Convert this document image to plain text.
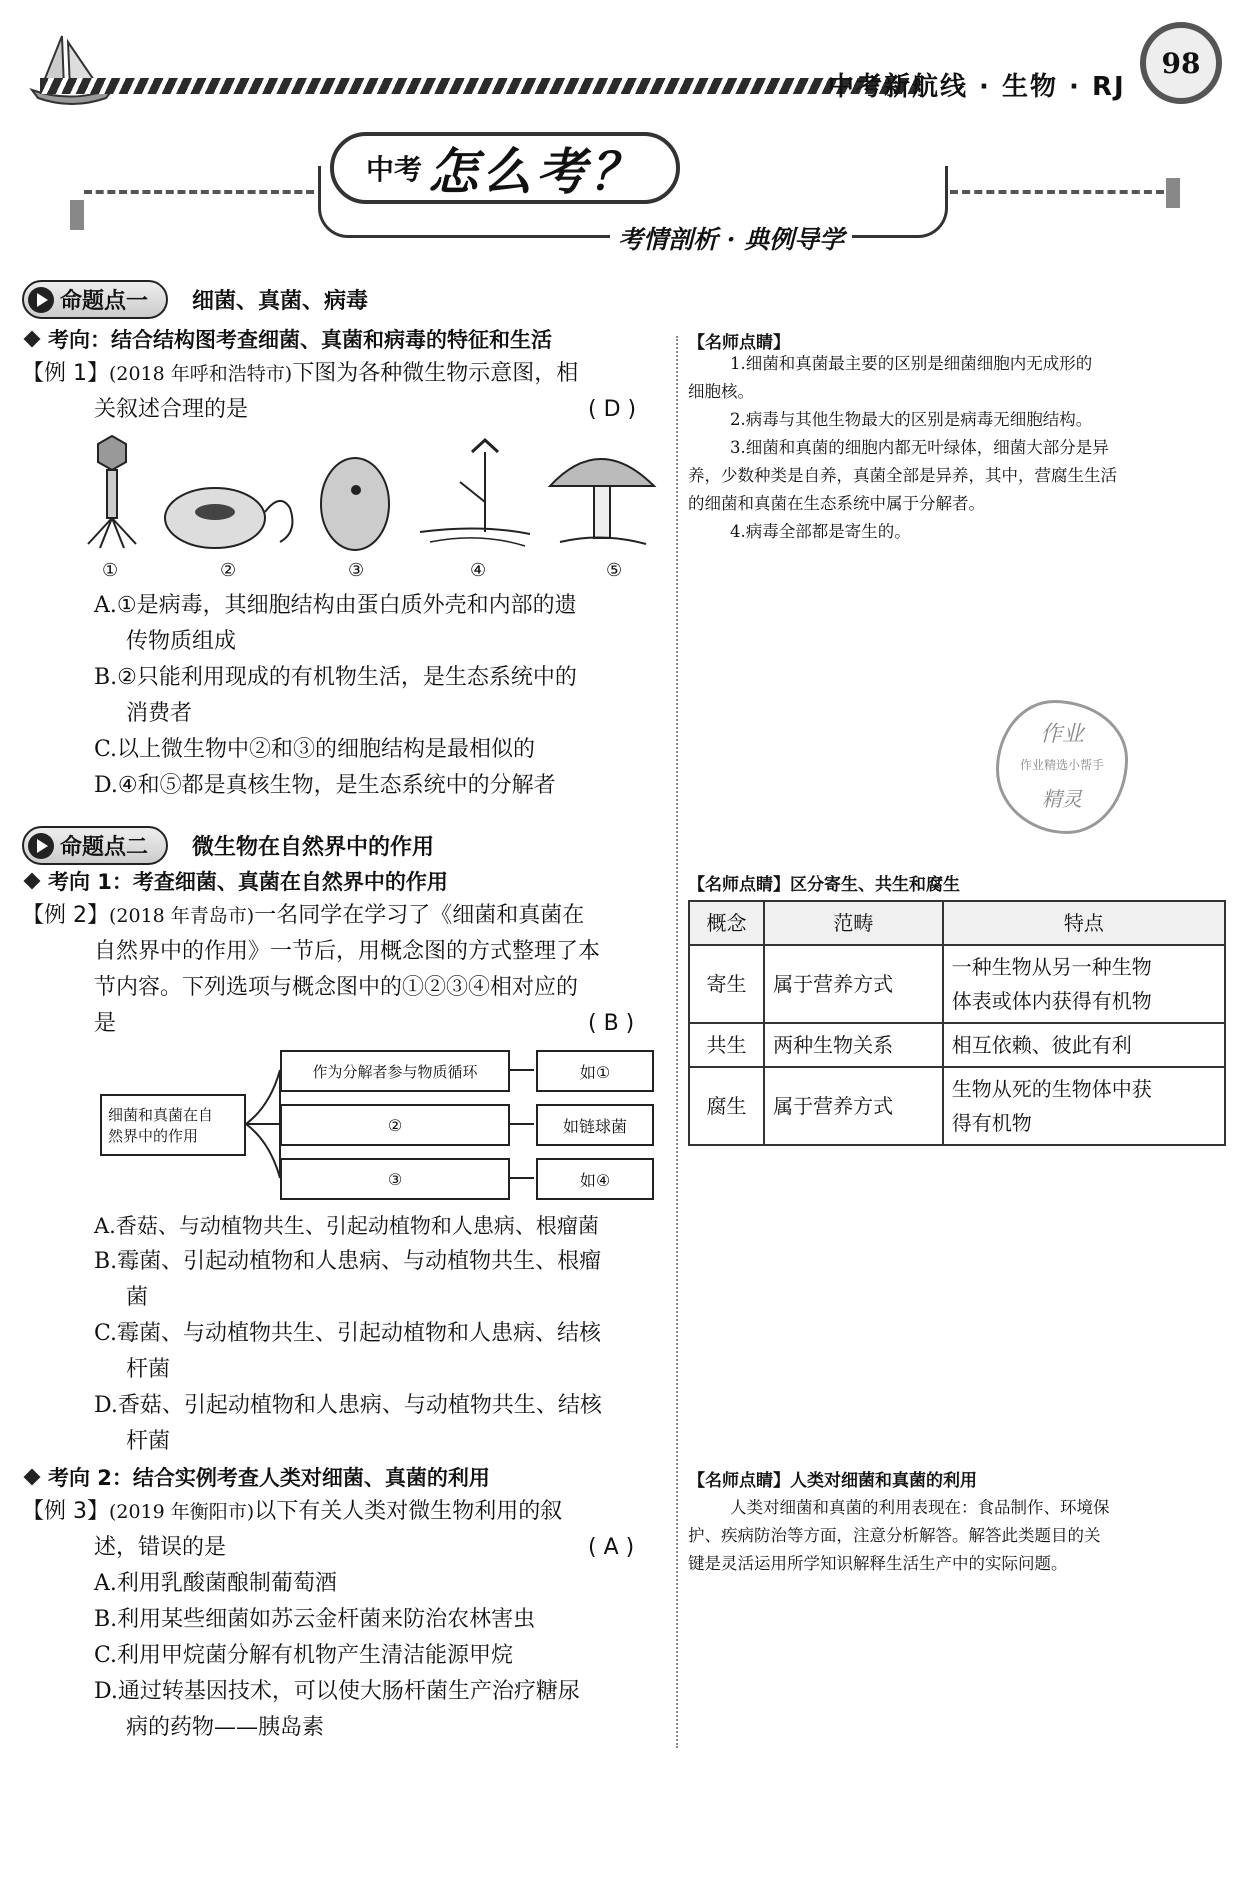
中考新航线 · 生物 · RJ
98
中考 怎么考？
考情剖析 · 典例导学
命题点一 细菌、真菌、病毒
考向：结合结构图考查细菌、真菌和病毒的特征和生活
【例 1】(2018 年呼和浩特市)下图为各种微生物示意图，相
关叙述合理的是	( D )
①	②	③	④	⑤
A.①是病毒，其细胞结构由蛋白质外壳和内部的遗
传物质组成
B.②只能利用现成的有机物生活，是生态系统中的
消费者
C.以上微生物中②和③的细胞结构是最相似的
D.④和⑤都是真核生物，是生态系统中的分解者
【名师点睛】
1.细菌和真菌最主要的区别是细菌细胞内无成形的
细胞核。
2.病毒与其他生物最大的区别是病毒无细胞结构。
3.细菌和真菌的细胞内都无叶绿体，细菌大部分是异
养，少数种类是自养，真菌全部是异养，其中，营腐生生活
的细菌和真菌在生态系统中属于分解者。
4.病毒全部都是寄生的。
作业
作业精选小帮手
精灵
命题点二 微生物在自然界中的作用
考向 1：考查细菌、真菌在自然界中的作用
【例 2】(2018 年青岛市)一名同学在学习了《细菌和真菌在
自然界中的作用》一节后，用概念图的方式整理了本
节内容。下列选项与概念图中的①②③④相对应的
是	( B )
细菌和真菌在自
然界中的作用
作为分解者参与物质循环
②
③
如①
如链球菌
如④
A.香菇、与动植物共生、引起动植物和人患病、根瘤菌
B.霉菌、引起动植物和人患病、与动植物共生、根瘤
菌
C.霉菌、与动植物共生、引起动植物和人患病、结核
杆菌
D.香菇、引起动植物和人患病、与动植物共生、结核
杆菌
【名师点睛】区分寄生、共生和腐生
概念	范畴	特点
寄生	属于营养方式	一种生物从另一种生物
体表或体内获得有机物

共生	两种生物关系	相互依赖、彼此有利

腐生	属于营养方式	生物从死的生物体中获
得有机物
考向 2：结合实例考查人类对细菌、真菌的利用
【例 3】(2019 年衡阳市)以下有关人类对微生物利用的叙
述，错误的是	( A )
A.利用乳酸菌酿制葡萄酒
B.利用某些细菌如苏云金杆菌来防治农林害虫
C.利用甲烷菌分解有机物产生清洁能源甲烷
D.通过转基因技术，可以使大肠杆菌生产治疗糖尿
病的药物——胰岛素
【名师点睛】人类对细菌和真菌的利用
人类对细菌和真菌的利用表现在：食品制作、环境保
护、疾病防治等方面，注意分析解答。解答此类题目的关
键是灵活运用所学知识解释生活生产中的实际问题。
